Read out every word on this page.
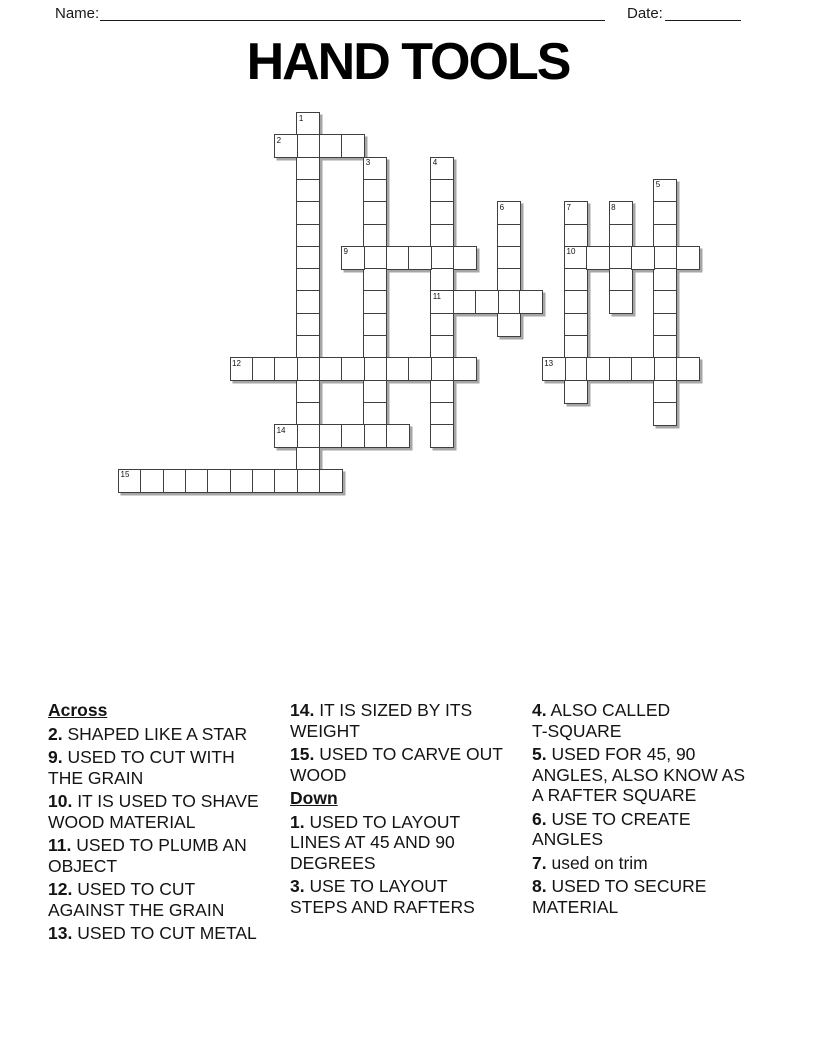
Name:	Date:
HAND TOOLS
1
2
3	4
11
5
6	7
10
8
9
12	13
14
15
Across
2. SHAPED LIKE A STAR
9. USED TO CUT WITH
THE GRAIN
10. IT IS USED TO SHAVE
WOOD MATERIAL
11. USED TO PLUMB AN
OBJECT
12. USED TO CUT
AGAINST THE GRAIN
13. USED TO CUT METAL
14. IT IS SIZED BY ITS
WEIGHT
15. USED TO CARVE OUT
WOOD
Down
1. USED TO LAYOUT
LINES AT 45 AND 90
DEGREES
3. USE TO LAYOUT
STEPS AND RAFTERS
4. ALSO CALLED
T-SQUARE
5. USED FOR 45, 90
ANGLES, ALSO KNOW AS
A RAFTER SQUARE
6. USE TO CREATE
ANGLES
7. used on trim
8. USED TO SECURE
MATERIAL
